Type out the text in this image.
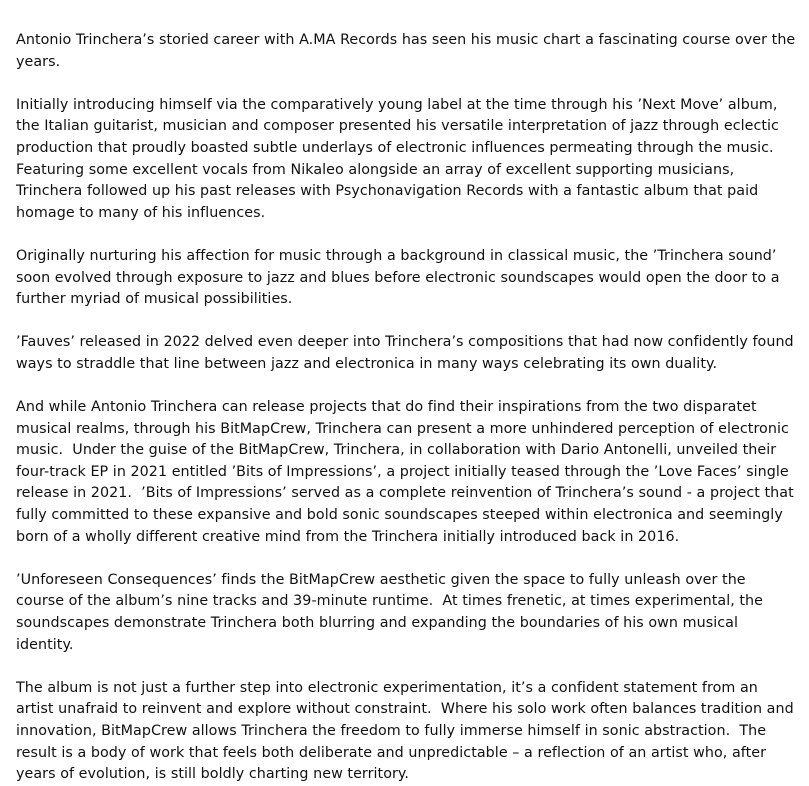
Antonio Trinchera’s storied career with A.MA Records has seen his music chart a fascinating course over the years.

Initially introducing himself via the comparatively young label at the time through his ’Next Move’ album, the Italian guitarist, musician and composer presented his versatile interpretation of jazz through eclectic production that proudly boasted subtle underlays of electronic influences permeating through the music. Featuring some excellent vocals from Nikaleo alongside an array of excellent supporting musicians, Trinchera followed up his past releases with Psychonavigation Records with a fantastic album that paid homage to many of his influences.

Originally nurturing his affection for music through a background in classical music, the ’Trinchera sound’ soon evolved through exposure to jazz and blues before electronic soundscapes would open the door to a further myriad of musical possibilities.

’Fauves’ released in 2022 delved even deeper into Trinchera’s compositions that had now confidently found ways to straddle that line between jazz and electronica in many ways celebrating its own duality.

And while Antonio Trinchera can release projects that do find their inspirations from the two disparatet musical realms, through his BitMapCrew, Trinchera can present a more unhindered perception of electronic music.  Under the guise of the BitMapCrew, Trinchera, in collaboration with Dario Antonelli, unveiled their four-track EP in 2021 entitled ’Bits of Impressions’, a project initially teased through the ’Love Faces’ single release in 2021.  ’Bits of Impressions’ served as a complete reinvention of Trinchera’s sound - a project that fully committed to these expansive and bold sonic soundscapes steeped within electronica and seemingly born of a wholly different creative mind from the Trinchera initially introduced back in 2016.

’Unforeseen Consequences’ finds the BitMapCrew aesthetic given the space to fully unleash over the course of the album’s nine tracks and 39-minute runtime.  At times frenetic, at times experimental, the soundscapes demonstrate Trinchera both blurring and expanding the boundaries of his own musical identity.

The album is not just a further step into electronic experimentation, it’s a confident statement from an artist unafraid to reinvent and explore without constraint.  Where his solo work often balances tradition and innovation, BitMapCrew allows Trinchera the freedom to fully immerse himself in sonic abstraction.  The result is a body of work that feels both deliberate and unpredictable – a reflection of an artist who, after years of evolution, is still boldly charting new territory.
